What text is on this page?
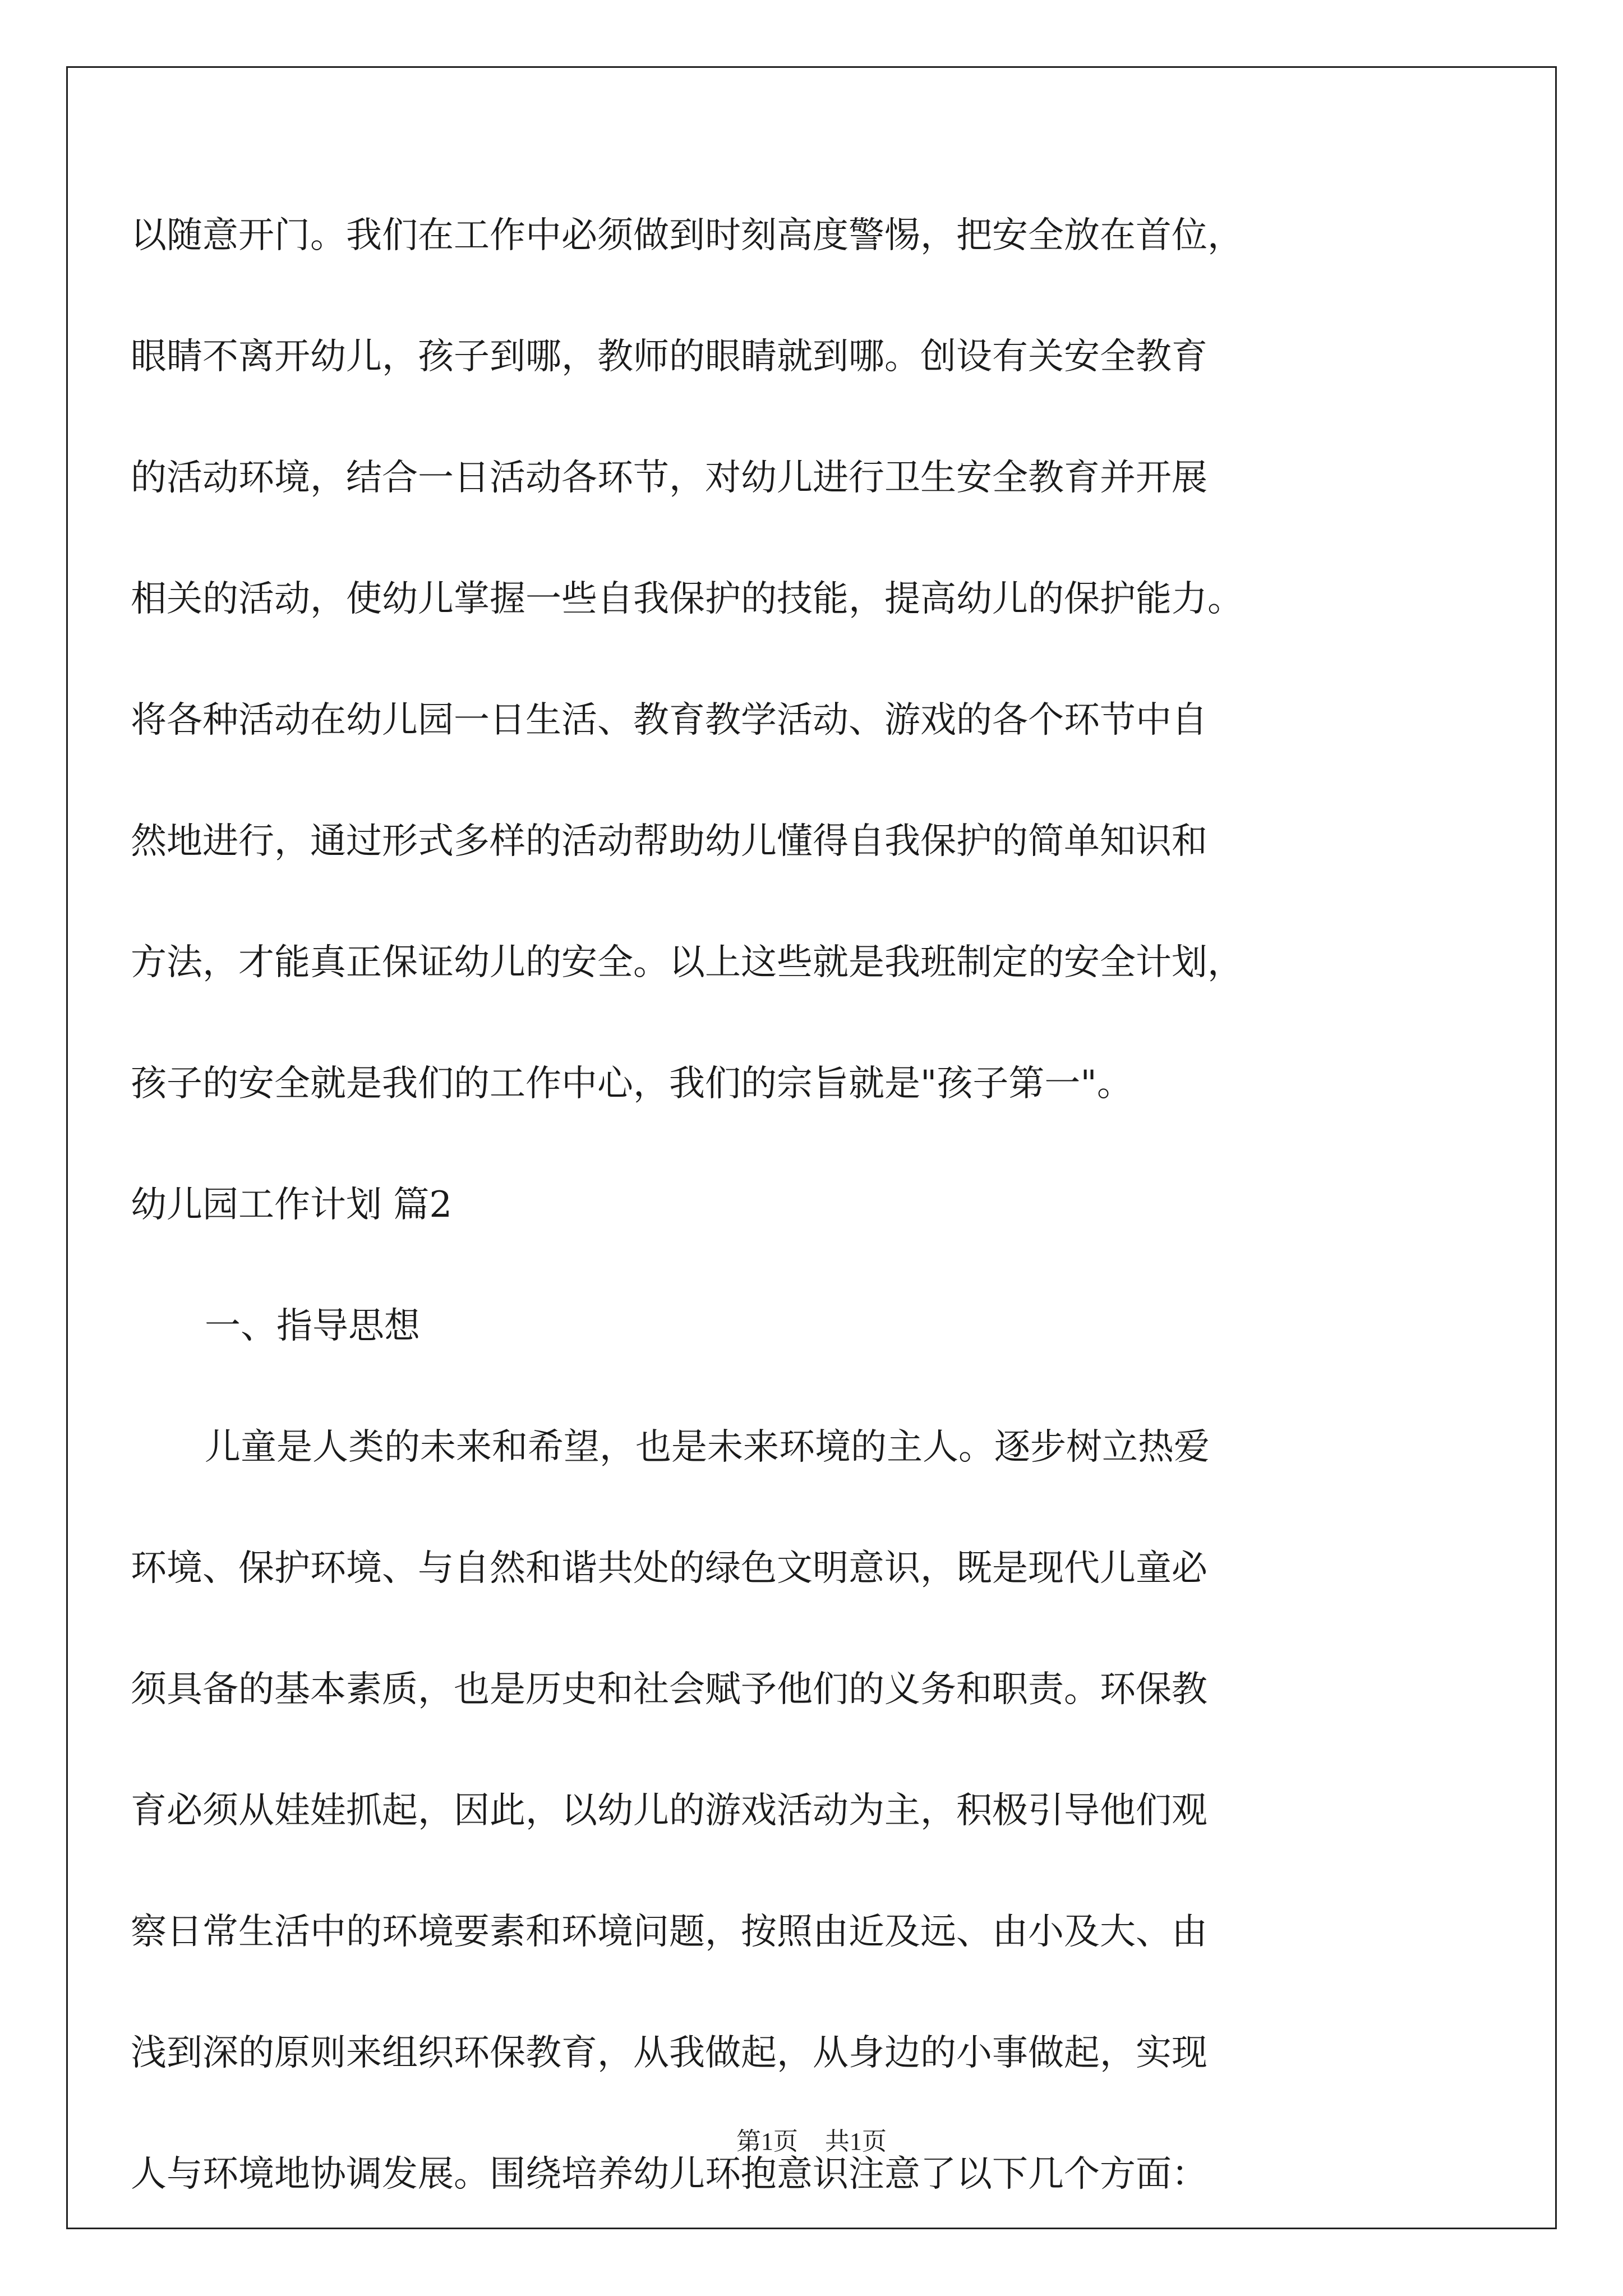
以随意开门。我们在工作中必须做到时刻高度警惕，把安全放在首位，
眼睛不离开幼儿，孩子到哪，教师的眼睛就到哪。创设有关安全教育
的活动环境，结合一日活动各环节，对幼儿进行卫生安全教育并开展
相关的活动，使幼儿掌握一些自我保护的技能，提高幼儿的保护能力。
将各种活动在幼儿园一日生活、教育教学活动、游戏的各个环节中自
然地进行，通过形式多样的活动帮助幼儿懂得自我保护的简单知识和
方法，才能真正保证幼儿的安全。以上这些就是我班制定的安全计划，
孩子的安全就是我们的工作中心，我们的宗旨就是"孩子第一"。
幼儿园工作计划 篇2
一、指导思想
儿童是人类的未来和希望，也是未来环境的主人。逐步树立热爱
环境、保护环境、与自然和谐共处的绿色文明意识，既是现代儿童必
须具备的基本素质，也是历史和社会赋予他们的义务和职责。环保教
育必须从娃娃抓起，因此，以幼儿的游戏活动为主，积极引导他们观
察日常生活中的环境要素和环境问题，按照由近及远、由小及大、由
浅到深的原则来组织环保教育，从我做起，从身边的小事做起，实现
人与环境地协调发展。围绕培养幼儿环抱意识注意了以下几个方面：
第1页 共1页
